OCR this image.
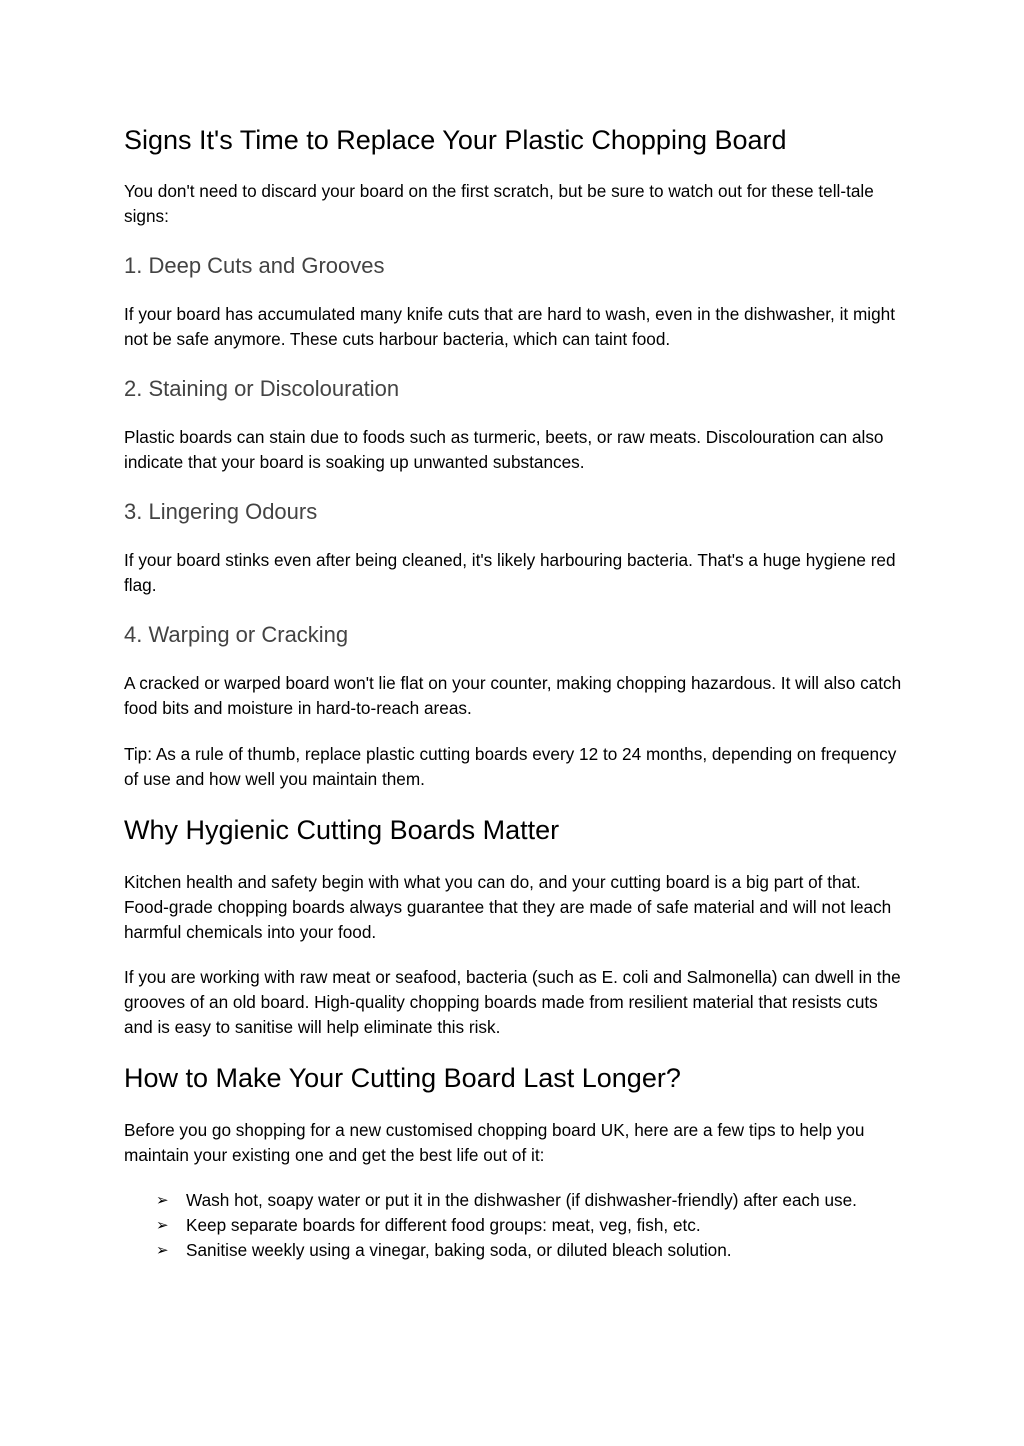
Signs It's Time to Replace Your Plastic Chopping Board

You don't need to discard your board on the first scratch, but be sure to watch out for these tell-tale signs:

1. Deep Cuts and Grooves

If your board has accumulated many knife cuts that are hard to wash, even in the dishwasher, it might not be safe anymore. These cuts harbour bacteria, which can taint food.

2. Staining or Discolouration

Plastic boards can stain due to foods such as turmeric, beets, or raw meats. Discolouration can also indicate that your board is soaking up unwanted substances.

3. Lingering Odours

If your board stinks even after being cleaned, it's likely harbouring bacteria. That's a huge hygiene red flag.

4. Warping or Cracking

A cracked or warped board won't lie flat on your counter, making chopping hazardous. It will also catch food bits and moisture in hard-to-reach areas.

Tip: As a rule of thumb, replace plastic cutting boards every 12 to 24 months, depending on frequency of use and how well you maintain them.

Why Hygienic Cutting Boards Matter

Kitchen health and safety begin with what you can do, and your cutting board is a big part of that. Food-grade chopping boards always guarantee that they are made of safe material and will not leach harmful chemicals into your food.

If you are working with raw meat or seafood, bacteria (such as E. coli and Salmonella) can dwell in the grooves of an old board. High-quality chopping boards made from resilient material that resists cuts and is easy to sanitise will help eliminate this risk.

How to Make Your Cutting Board Last Longer?

Before you go shopping for a new customised chopping board UK, here are a few tips to help you maintain your existing one and get the best life out of it:

➢ Wash hot, soapy water or put it in the dishwasher (if dishwasher-friendly) after each use.
➢ Keep separate boards for different food groups: meat, veg, fish, etc.
➢ Sanitise weekly using a vinegar, baking soda, or diluted bleach solution.
